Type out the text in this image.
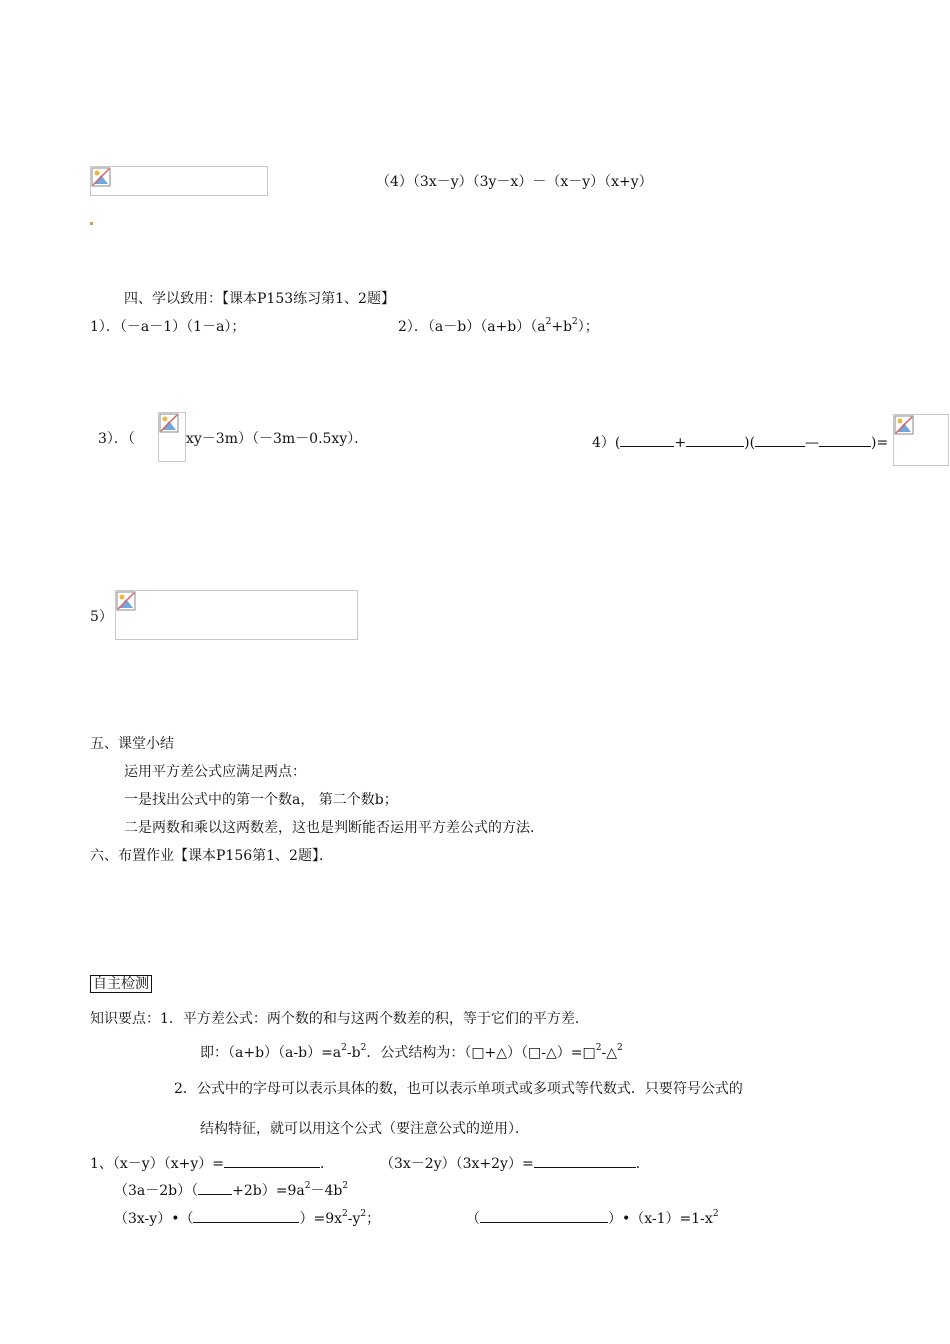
（4）（3x－y）（3y－x）－（x－y）（x+y）
四、学以致用：【课本P153练习第1、2题】
1）．（－a－1）（1－a）；	2）．$(a-b)(a+b)(a^2+b^2)$；
3）．（	xy－3m）（－3m－0.5xy）．	4）(	+	)(	—	)=
5）
五、课堂小结
运用平方差公式应满足两点：
一是找出公式中的第一个数a， 第二个数b；
二是两数和乘以这两数差，这也是判断能否运用平方差公式的方法．
六、布置作业【课本P156第1、2题】．
自主检测
知识要点：1．平方差公式：两个数的和与这两个数差的积，等于它们的平方差．
即：$(a+b)(a-b)=a^2-b^2$．公式结构为：（□+△）（□-△）=□$^2$-△$^2$
2．公式中的字母可以表示具体的数，也可以表示单项式或多项式等代数式．只要符号公式的
结构特征，就可以用这个公式（要注意公式的逆用）．
1、（x－y）（x+y）=	．	（3x－2y）（3x+2y）=	．
$(3a-2b)( +2b)=9a^2-4b^2$
（3x-y）•（	）$=9x^2-y^2$；	（	）$•(x-1)=1-x^2$
